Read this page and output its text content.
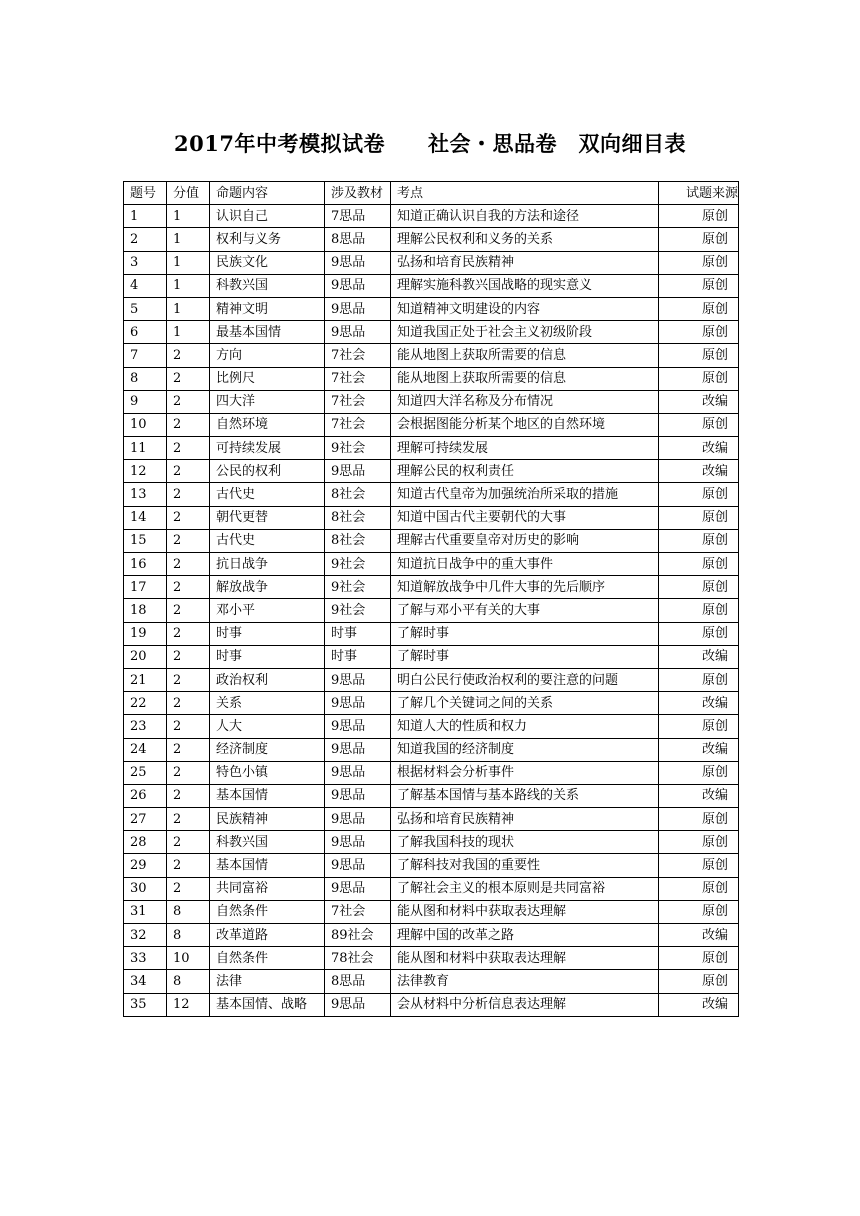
2017年中考模拟试卷　　社会・思品卷　双向细目表
题号	分值	命题内容	涉及教材	考点	试题来源
1	1	认识自己	7思品	知道正确认识自我的方法和途径	原创
2	1	权利与义务	8思品	理解公民权利和义务的关系	原创
3	1	民族文化	9思品	弘扬和培育民族精神	原创
4	1	科教兴国	9思品	理解实施科教兴国战略的现实意义	原创
5	1	精神文明	9思品	知道精神文明建设的内容	原创
6	1	最基本国情	9思品	知道我国正处于社会主义初级阶段	原创
7	2	方向	7社会	能从地图上获取所需要的信息	原创
8	2	比例尺	7社会	能从地图上获取所需要的信息	原创
9	2	四大洋	7社会	知道四大洋名称及分布情况	改编
10	2	自然环境	7社会	会根据图能分析某个地区的自然环境	原创
11	2	可持续发展	9社会	理解可持续发展	改编
12	2	公民的权利	9思品	理解公民的权利责任	改编
13	2	古代史	8社会	知道古代皇帝为加强统治所采取的措施	原创
14	2	朝代更替	8社会	知道中国古代主要朝代的大事	原创
15	2	古代史	8社会	理解古代重要皇帝对历史的影响	原创
16	2	抗日战争	9社会	知道抗日战争中的重大事件	原创
17	2	解放战争	9社会	知道解放战争中几件大事的先后顺序	原创
18	2	邓小平	9社会	了解与邓小平有关的大事	原创
19	2	时事	时事	了解时事	原创
20	2	时事	时事	了解时事	改编
21	2	政治权利	9思品	明白公民行使政治权利的要注意的问题	原创
22	2	关系	9思品	了解几个关键词之间的关系	改编
23	2	人大	9思品	知道人大的性质和权力	原创
24	2	经济制度	9思品	知道我国的经济制度	改编
25	2	特色小镇	9思品	根据材料会分析事件	原创
26	2	基本国情	9思品	了解基本国情与基本路线的关系	改编
27	2	民族精神	9思品	弘扬和培育民族精神	原创
28	2	科教兴国	9思品	了解我国科技的现状	原创
29	2	基本国情	9思品	了解科技对我国的重要性	原创
30	2	共同富裕	9思品	了解社会主义的根本原则是共同富裕	原创
31	8	自然条件	7社会	能从图和材料中获取表达理解	原创
32	8	改革道路	89社会	理解中国的改革之路	改编
33	10	自然条件	78社会	能从图和材料中获取表达理解	原创
34	8	法律	8思品	法律教育	原创
35	12	基本国情、战略	9思品	会从材料中分析信息表达理解	改编
